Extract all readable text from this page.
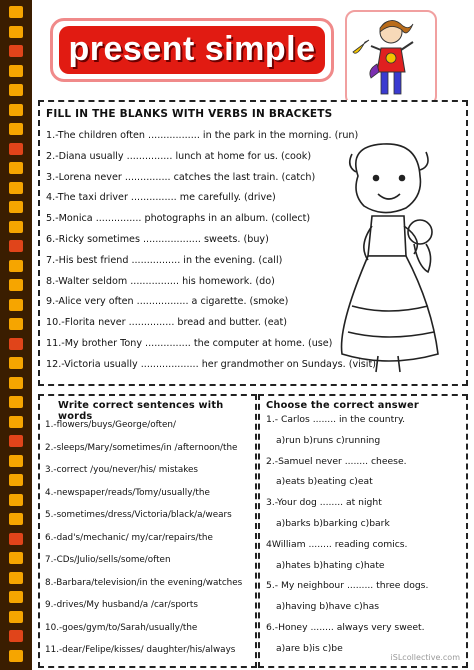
present simple
FILL IN THE BLANKS WITH VERBS IN BRACKETS
1.-The children often ................. in the park in the morning. (run)
2.-Diana usually ............... lunch at home for us. (cook)
3.-Lorena never ............... catches the last train. (catch)
4.-The taxi driver ............... me carefully. (drive)
5.-Monica ............... photographs in an album. (collect)
6.-Ricky sometimes ................... sweets. (buy)
7.-His best friend ................ in the evening. (call)
8.-Walter seldom ................ his homework. (do)
9.-Alice very often ................. a cigarette. (smoke)
10.-Florita never ............... bread and butter. (eat)
11.-My brother Tony ............... the computer at home. (use)
12.-Victoria usually ................... her grandmother on Sundays. (visit)
Write correct sentences with words
1.-flowers/buys/George/often/
2.-sleeps/Mary/sometimes/in /afternoon/the
3.-correct /you/never/his/ mistakes
4.-newspaper/reads/Tomy/usually/the
5.-sometimes/dress/Victoria/black/a/wears
6.-dad's/mechanic/ my/car/repairs/the
7.-CDs/Julio/sells/some/often
8.-Barbara/television/in the evening/watches
9.-drives/My husband/a /car/sports
10.-goes/gym/to/Sarah/usually/the
11.-dear/Felipe/kisses/ daughter/his/always
Choose the correct answer
1.- Carlos ........ in the country.
a)run b)runs c)running
2.-Samuel never ........ cheese.
a)eats b)eating c)eat
3.-Your dog ........ at night
a)barks b)barking c)bark
4William ........ reading comics.
a)hates b)hating c)hate
5.- My neighbour ......... three dogs.
a)having b)have c)has
6.-Honey ........ always very sweet.
a)are b)is c)be
iSLcollective.com
